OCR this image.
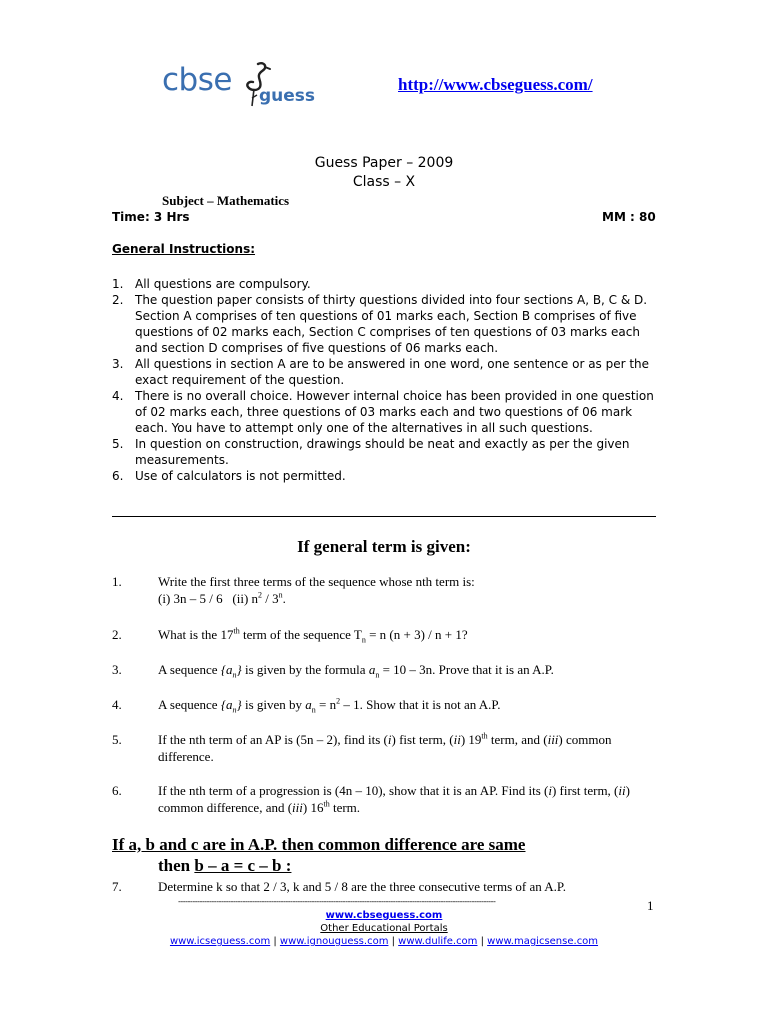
cbse guess
http://www.cbseguess.com/
Guess Paper – 2009
Class – X
Subject – Mathematics
Time: 3 Hrs	MM : 80
General Instructions:
1. All questions are compulsory.
2. The question paper consists of thirty questions divided into four sections A, B, C & D. Section A comprises of ten questions of 01 marks each, Section B comprises of five questions of 02 marks each, Section C comprises of ten questions of 03 marks each and section D comprises of five questions of 06 marks each.
3. All questions in section A are to be answered in one word, one sentence or as per the exact requirement of the question.
4. There is no overall choice. However internal choice has been provided in one question of 02 marks each, three questions of 03 marks each and two questions of 06 mark each. You have to attempt only one of the alternatives in all such questions.
5. In question on construction, drawings should be neat and exactly as per the given measurements.
6. Use of calculators is not permitted.
If general term is given:
1.	Write the first three terms of the sequence whose nth term is:
(i) 3n – 5 / 6 (ii) $n^2 / 3^n$.
2.	What is the 17th term of the sequence $T_n = n$ (n + 3) / n + 1?
3.	A sequence $\{a_n\}$ is given by the formula $a_n = 10 - 3n$. Prove that it is an A.P.
4.	A sequence $\{a_n\}$ is given by $a_n = n^2 - 1$. Show that it is not an A.P.
5.	If the nth term of an AP is (5n – 2), find its (i) fist term, (ii) 19th term, and (iii) common difference.
6.	If the nth term of a progression is (4n – 10), show that it is an AP. Find its (i) first term, (ii) common difference, and (iii) 16th term.
If a, b and c are in A.P. then common difference are same
then b – a = c – b :
7.	Determine k so that 2 / 3, k and 5 / 8 are the three consecutive terms of an A.P.
-------------------------------------------------------------------------------------------------------------------------------------	1
www.cbseguess.com
Other Educational Portals
www.icseguess.com | www.ignouguess.com | www.dulife.com | www.magicsense.com
